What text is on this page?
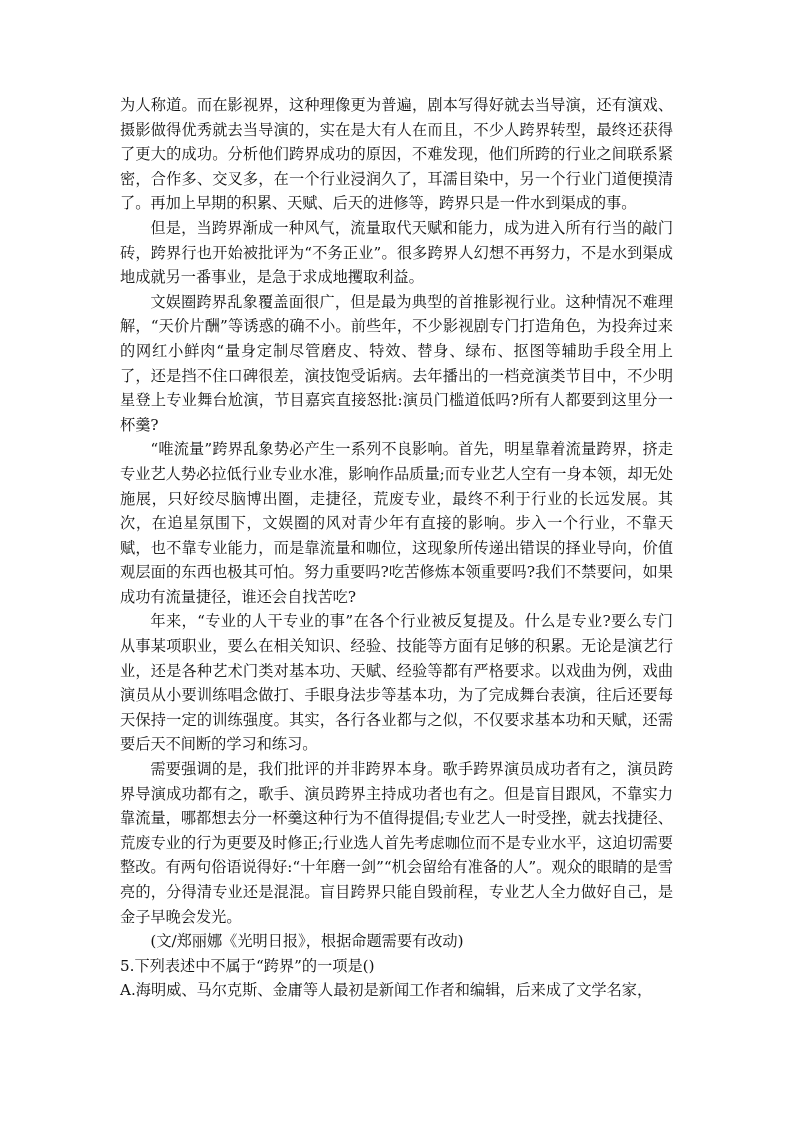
为人称道。而在影视界，这种理像更为普遍，剧本写得好就去当导演，还有演戏、摄影做得优秀就去当导演的，实在是大有人在而且，不少人跨界转型，最终还获得了更大的成功。分析他们跨界成功的原因，不难发现，他们所跨的行业之间联系紧密，合作多、交叉多，在一个行业浸润久了，耳濡目染中，另一个行业门道便摸清了。再加上早期的积累、天赋、后天的进修等，跨界只是一件水到渠成的事。

但是，当跨界渐成一种风气，流量取代天赋和能力，成为进入所有行当的敲门砖，跨界行也开始被批评为“不务正业”。很多跨界人幻想不再努力，不是水到渠成地成就另一番事业，是急于求成地攫取利益。

文娱圈跨界乱象覆盖面很广，但是最为典型的首推影视行业。这种情况不难理解，“天价片酬”等诱惑的确不小。前些年，不少影视剧专门打造角色，为投奔过来的网红小鲜肉“量身定制尽管磨皮、特效、替身、绿布、抠图等辅助手段全用上了，还是挡不住口碑很差，演技饱受诟病。去年播出的一档竞演类节目中，不少明星登上专业舞台尬演，节目嘉宾直接怒批:演员门槛道低吗?所有人都要到这里分一杯羹?

“唯流量”跨界乱象势必产生一系列不良影响。首先，明星靠着流量跨界，挤走专业艺人势必拉低行业专业水准，影响作品质量;而专业艺人空有一身本领，却无处施展，只好绞尽脑博出圈，走捷径，荒废专业，最终不利于行业的长远发展。其次，在追星氛围下，文娱圈的风对青少年有直接的影响。步入一个行业，不靠天赋，也不靠专业能力，而是靠流量和咖位，这现象所传递出错误的择业导向，价值观层面的东西也极其可怕。努力重要吗?吃苦修炼本领重要吗?我们不禁要问，如果成功有流量捷径，谁还会自找苦吃?

年来，“专业的人干专业的事”在各个行业被反复提及。什么是专业?要么专门从事某项职业，要么在相关知识、经验、技能等方面有足够的积累。无论是演艺行业，还是各种艺术门类对基本功、天赋、经验等都有严格要求。以戏曲为例，戏曲演员从小要训练唱念做打、手眼身法步等基本功，为了完成舞台表演，往后还要每天保持一定的训练强度。其实，各行各业都与之似，不仅要求基本功和天赋，还需要后天不间断的学习和练习。

需要强调的是，我们批评的并非跨界本身。歌手跨界演员成功者有之，演员跨界导演成功都有之，歌手、演员跨界主持成功者也有之。但是盲目跟风，不靠实力靠流量，哪都想去分一杯羹这种行为不值得提倡;专业艺人一时受挫，就去找捷径、荒废专业的行为更要及时修正;行业选人首先考虑咖位而不是专业水平，这迫切需要整改。有两句俗语说得好:“十年磨一剑”“机会留给有准备的人”。观众的眼睛的是雪亮的，分得清专业还是混混。盲目跨界只能自毁前程，专业艺人全力做好自己，是金子早晚会发光。

(文/郑丽娜《光明日报》，根据命题需要有改动)

5.下列表述中不属于“跨界”的一项是()

A.海明威、马尔克斯、金庸等人最初是新闻工作者和编辑，后来成了文学名家，
